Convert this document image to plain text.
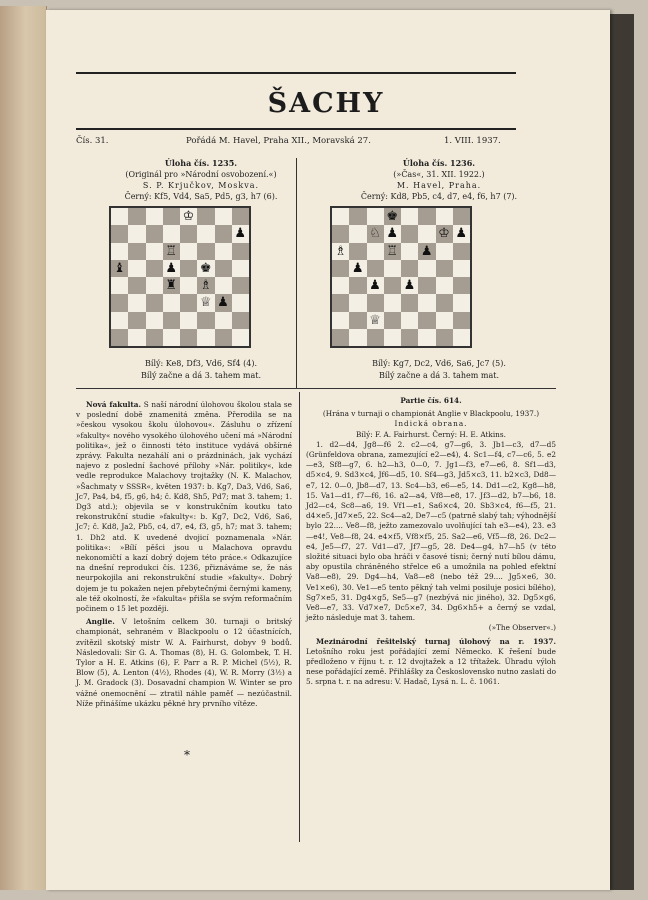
ŠACHY
Čís. 31.	Pořádá M. Havel, Praha XII., Moravská 27.	1. VIII. 1937.
Úloha čís. 1235.
(Originál pro »Národní osvobození.«)
S. P. Krjučkov, Moskva.
Černý: Kf5, Vd4, Sa5, Pd5, g3, h7 (6).
♔
♟
♖
♝	♟ ♚
♜ ♗
♕ ♟
Bílý: Ke8, Df3, Vd6, Sf4 (4).
Bílý začne a dá 3. tahem mat.
Úloha čís. 1236.
(»Čas«, 31. XII. 1922.)
M. Havel, Praha.
Černý: Kd8, Pb5, c4, d7, e4, f6, h7 (7).
♚
♘ ♟	♔ ♟
♗	♖ ♟
♟
♟ ♟
♕
Bílý: Kg7, Dc2, Vd6, Sa6, Jc7 (5).
Bílý začne a dá 3. tahem mat.

Nová fakulta. S naší národní úlohovou školou stala se v poslední době znamenitá změna. Přerodila se na »českou vysokou školu úlohovou«. Zásluhu o zřízení »fakulty« nového vysokého úlohového učení má »Národní politika«, jež o činnosti této instituce vydává obšírné zprávy. Fakulta nezahálí ani o prázdninách, jak vychází najevo z poslední šachové přílohy »Nár. politiky«, kde vedle reprodukce Malachovy trojtažky (N. K. Malachov, »Šachmaty v SSSR«, květen 1937: b. Kg7, Da3, Vd6, Sa6, Jc7, Pa4, b4, f5, g6, h4; č. Kd8, Sh5, Pd7; mat 3. tahem; 1. Dg3 atd.); objevila se v konstrukčním koutku tato rekonstrukční studie »fakulty«: b. Kg7, Dc2, Vd6, Sa6, Jc7; č. Kd8, Ja2, Pb5, c4, d7, e4, f3, g5, h7; mat 3. tahem; 1. Dh2 atd. K uvedené dvojicí poznamenala »Nár. politika«: »Bílí pěšci jsou u Malachova opravdu nekonomičtí a kazí dobrý dojem této práce.« Odkazujíce na dnešní reprodukci čís. 1236, přiznáváme se, že nás neurpokojila ani rekonstrukční studie »fakulty«. Dobrý dojem je tu pokažen nejen přebytečnými černými kameny, ale též okolností, že »fakulta« přišla se svým reformačním počinem o 15 let později.

Anglie. V letošním celkem 30. turnaji o britský championát, sehraném v Blackpoolu o 12 účastnících, zvítězil skotský mistr W. A. Fairhurst, dobyv 9 bodů. Následovali: Sir G. A. Thomas (8), H. G. Golombek, T. H. Tylor a H. E. Atkins (6), F. Parr a R. P. Michel (5½), R. Blow (5), A. Lenton (4½), Rhodes (4), W. R. Morry (3½) a J. M. Gradock (3). Dosavadní champion W. Winter se pro vážné onemocnění — ztratil náhle paměť — nezúčastnil. Níže přinášíme ukázku pěkné hry prvního vítěze.

*

Partie čís. 614.

(Hrána v turnaji o championát Anglie v Blackpoolu, 1937.)

Indická obrana.

Bílý: F. A. Fairhurst. Černý: H. E. Atkins.

1. d2—d4, Jg8—f6 2. c2—c4, g7—g6, 3. Jb1—c3, d7—d5 (Grünfeldova obrana, zamezující e2—e4), 4. Sc1—f4, c7—c6, 5. e2—e3, Sf8—g7, 6. h2—h3, 0—0, 7. Jg1—f3, e7—e6, 8. Sf1—d3, d5×c4, 9. Sd3×c4, Jf6—d5, 10. Sf4—g3, Jd5×c3, 11. b2×c3, Dd8—e7, 12. 0—0, Jb8—d7, 13. Sc4—b3, e6—e5, 14. Dd1—c2, Kg8—h8, 15. Va1—d1, f7—f6, 16. a2—a4, Vf8—e8, 17. Jf3—d2, b7—b6, 18. Jd2—c4, Sc8—a6, 19. Vf1—e1, Sa6×c4, 20. Sb3×c4, f6—f5, 21. d4×e5, Jd7×e5, 22. Sc4—a2, De7—c5 (patrně slabý tah; výhodnější bylo 22.... Ve8—f8, ježto zamezovalo uvolňující tah e3—e4), 23. e3—e4!, Ve8—f8, 24. e4×f5, Vf8×f5, 25. Sa2—e6, Vf5—f8, 26. Dc2—e4, Je5—f7, 27. Vd1—d7, Jf7—g5, 28. De4—g4, h7—h5 (v této složité situaci bylo oba hráči v časové tísni; černý nutí bílou dámu, aby opustila chráněného střelce e6 a umožnila na pohled efektní Va8—e8), 29. Dg4—h4, Va8—e8 (nebo též 29.... Jg5×e6, 30. Ve1×e6), 30. Ve1—e5 tento pěkný tah velmi posiluje posici bílého), Sg7×e5, 31. Dg4×g5, Se5—g7 (nezbývá nic jiného), 32. Dg5×g6, Ve8—e7, 33. Vd7×e7, Dc5×e7, 34. Dg6×h5+ a černý se vzdal, ježto následuje mat 3. tahem.

(»The Observer«.)

Mezinárodní řešitelský turnaj úlohový na r. 1937. Letošního roku jest pořádající zemí Německo. K řešení bude předloženo v říjnu t. r. 12 dvojtažek a 12 třítažek. Úhradu výloh nese pořádající země. Přihlášky za Československo nutno zaslati do 5. srpna t. r. na adresu: V. Hadač, Lysá n. L. č. 1061.
